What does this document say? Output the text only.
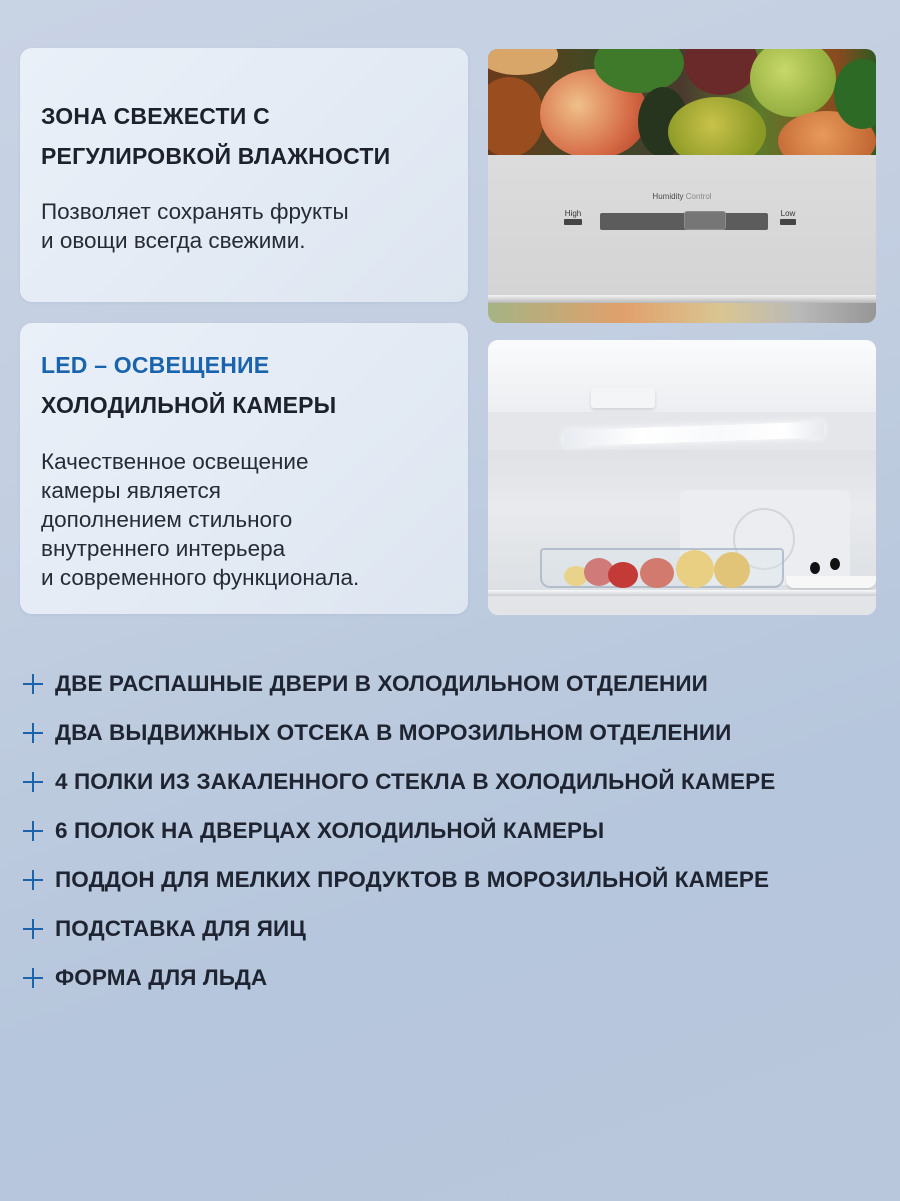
ЗОНА СВЕЖЕСТИ С
РЕГУЛИРОВКОЙ ВЛАЖНОСТИ
Позволяет сохранять фрукты
и овощи всегда свежими.
Humidity Control
High	Low
LED – ОСВЕЩЕНИЕ
ХОЛОДИЛЬНОЙ КАМЕРЫ
Качественное освещение
камеры является
дополнением стильного
внутреннего интерьера
и современного функционала.
ДВЕ РАСПАШНЫЕ ДВЕРИ В ХОЛОДИЛЬНОМ ОТДЕЛЕНИИ
ДВА ВЫДВИЖНЫХ ОТСЕКА В МОРОЗИЛЬНОМ ОТДЕЛЕНИИ
4 ПОЛКИ ИЗ ЗАКАЛЕННОГО СТЕКЛА В ХОЛОДИЛЬНОЙ КАМЕРЕ
6 ПОЛОК НА ДВЕРЦАХ ХОЛОДИЛЬНОЙ КАМЕРЫ
ПОДДОН ДЛЯ МЕЛКИХ ПРОДУКТОВ В МОРОЗИЛЬНОЙ КАМЕРЕ
ПОДСТАВКА ДЛЯ ЯИЦ
ФОРМА ДЛЯ ЛЬДА
